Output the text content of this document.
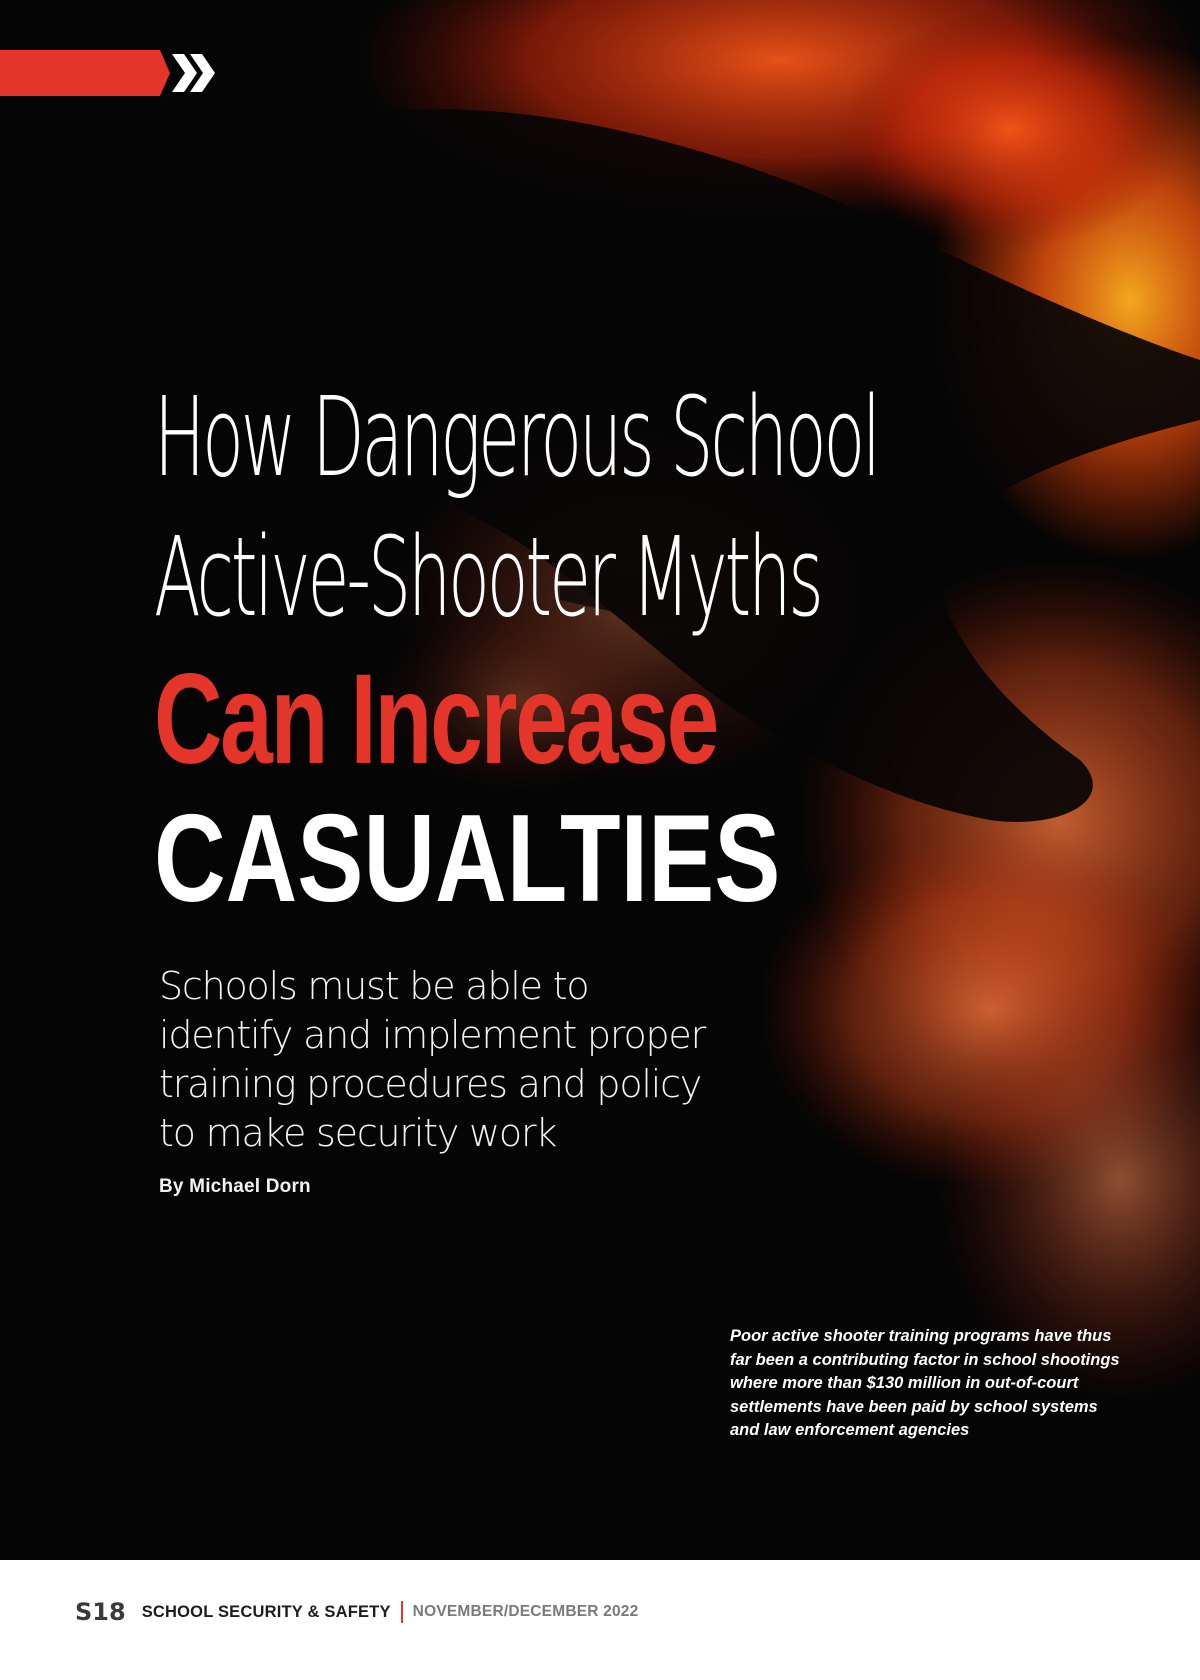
How Dangerous School
Active-Shooter Myths
Can Increase
CASUALTIES

Schools must be able to identify and implement proper training procedures and policy to make security work

By Michael Dorn

Poor active shooter training programs have thus far been a contributing factor in school shootings where more than $130 million in out-of-court settlements have been paid by school systems and law enforcement agencies

S18 SCHOOL SECURITY & SAFETY NOVEMBER/DECEMBER 2022
